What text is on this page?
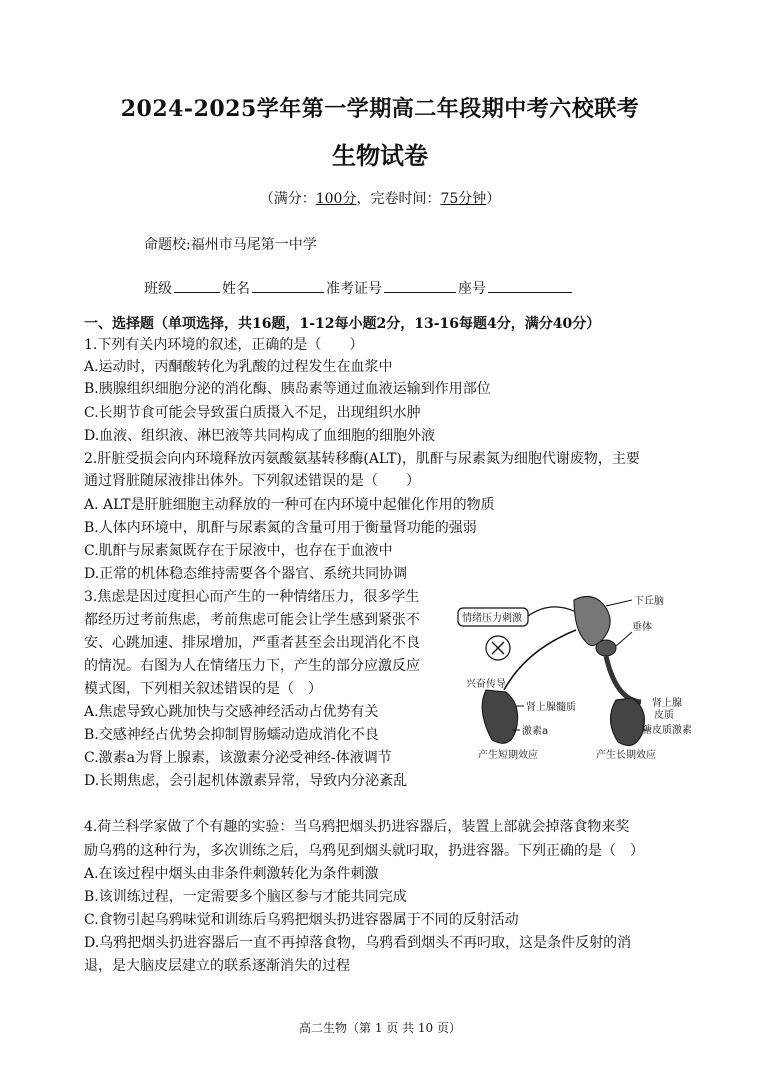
2024-2025学年第一学期高二年段期中考六校联考
生物试卷
（满分：100分，完卷时间：75分钟）
命题校:福州市马尾第一中学
班级	姓名	准考证号	座号
一、选择题（单项选择，共16题，1-12每小题2分，13-16每题4分，满分40分）
1.下列有关内环境的叙述，正确的是（　　）
A.运动时，丙酮酸转化为乳酸的过程发生在血浆中
B.胰腺组织细胞分泌的消化酶、胰岛素等通过血液运输到作用部位
C.长期节食可能会导致蛋白质摄入不足，出现组织水肿
D.血液、组织液、淋巴液等共同构成了血细胞的细胞外液
2.肝脏受损会向内环境释放丙氨酸氨基转移酶(ALT)，肌酐与尿素氮为细胞代谢废物，主要
通过肾脏随尿液排出体外。下列叙述错误的是（　　）
A. ALT是肝脏细胞主动释放的一种可在内环境中起催化作用的物质
B.人体内环境中，肌酐与尿素氮的含量可用于衡量肾功能的强弱
C.肌酐与尿素氮既存在于尿液中，也存在于血液中
D.正常的机体稳态维持需要各个器官、系统共同协调
3.焦虑是因过度担心而产生的一种情绪压力，很多学生
都经历过考前焦虑，考前焦虑可能会让学生感到紧张不
安、心跳加速、排尿增加，严重者甚至会出现消化不良
的情况。右图为人在情绪压力下，产生的部分应激反应
模式图，下列相关叙述错误的是（　）
A.焦虑导致心跳加快与交感神经活动占优势有关
B.交感神经占优势会抑制胃肠蠕动造成消化不良
C.激素a为肾上腺素，该激素分泌受神经-体液调节
D.长期焦虑，会引起机体激素异常，导致内分泌紊乱
情绪压力刺激
下丘脑
垂体
兴奋传导
肾上腺髓质
激素a
肾上腺
皮质
糖皮质激素
产生短期效应	产生长期效应
4.荷兰科学家做了个有趣的实验：当乌鸦把烟头扔进容器后，装置上部就会掉落食物来奖
励乌鸦的这种行为，多次训练之后，乌鸦见到烟头就叼取，扔进容器。下列正确的是（　）
A.在该过程中烟头由非条件刺激转化为条件刺激
B.该训练过程，一定需要多个脑区参与才能共同完成
C.食物引起乌鸦味觉和训练后乌鸦把烟头扔进容器属于不同的反射活动
D.乌鸦把烟头扔进容器后一直不再掉落食物，乌鸦看到烟头不再叼取，这是条件反射的消
退，是大脑皮层建立的联系逐渐消失的过程
高二生物（第 1 页 共 10 页）
